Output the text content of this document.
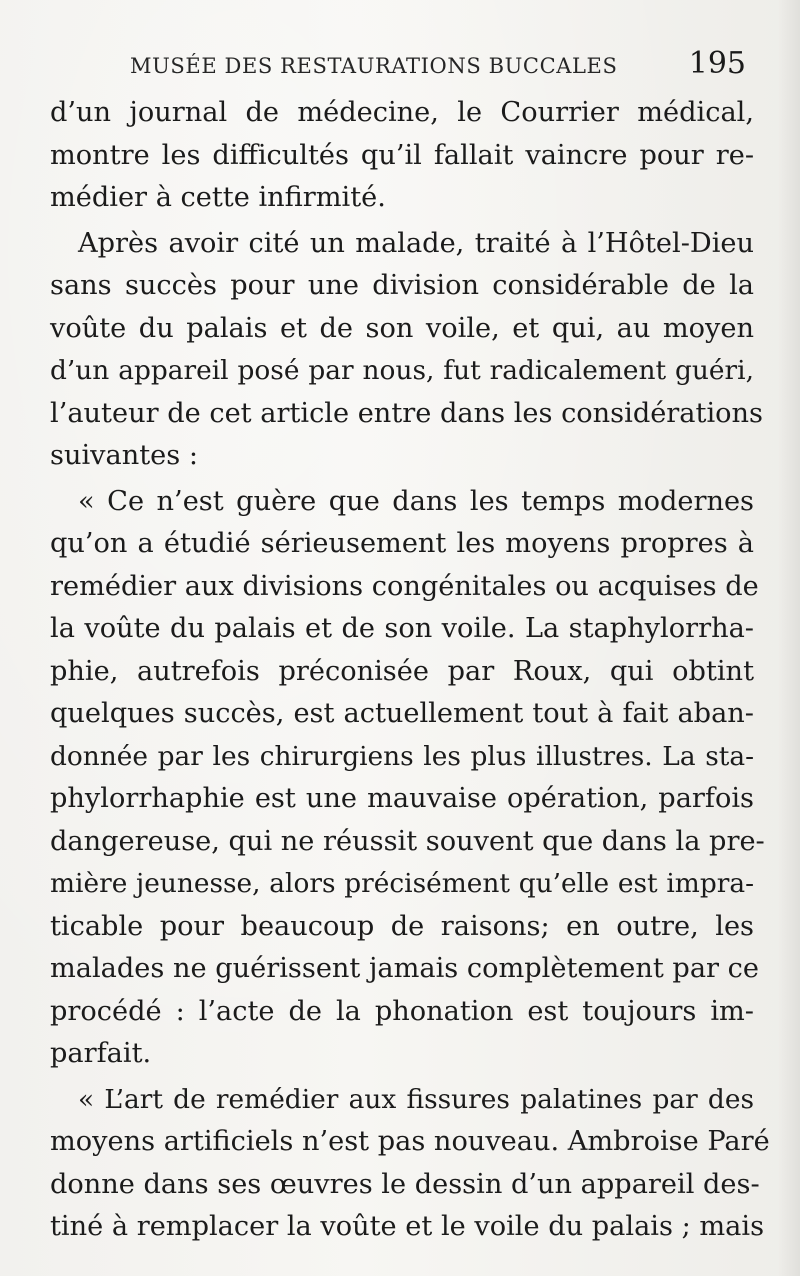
MUSÉE DES RESTAURATIONS BUCCALES 195
d’un journal de médecine, le Courrier médical,
montre les difficultés qu’il fallait vaincre pour re-
médier à cette infirmité.
Après avoir cité un malade, traité à l’Hôtel-Dieu
sans succès pour une division considérable de la
voûte du palais et de son voile, et qui, au moyen
d’un appareil posé par nous, fut radicalement guéri,
l’auteur de cet article entre dans les considérations
suivantes :
« Ce n’est guère que dans les temps modernes
qu’on a étudié sérieusement les moyens propres à
remédier aux divisions congénitales ou acquises de
la voûte du palais et de son voile. La staphylorrha-
phie, autrefois préconisée par Roux, qui obtint
quelques succès, est actuellement tout à fait aban-
donnée par les chirurgiens les plus illustres. La sta-
phylorrhaphie est une mauvaise opération, parfois
dangereuse, qui ne réussit souvent que dans la pre-
mière jeunesse, alors précisément qu’elle est impra-
ticable pour beaucoup de raisons; en outre, les
malades ne guérissent jamais complètement par ce
procédé : l’acte de la phonation est toujours im-
parfait.
« L’art de remédier aux fissures palatines par des
moyens artificiels n’est pas nouveau. Ambroise Paré
donne dans ses œuvres le dessin d’un appareil des-
tiné à remplacer la voûte et le voile du palais ; mais
